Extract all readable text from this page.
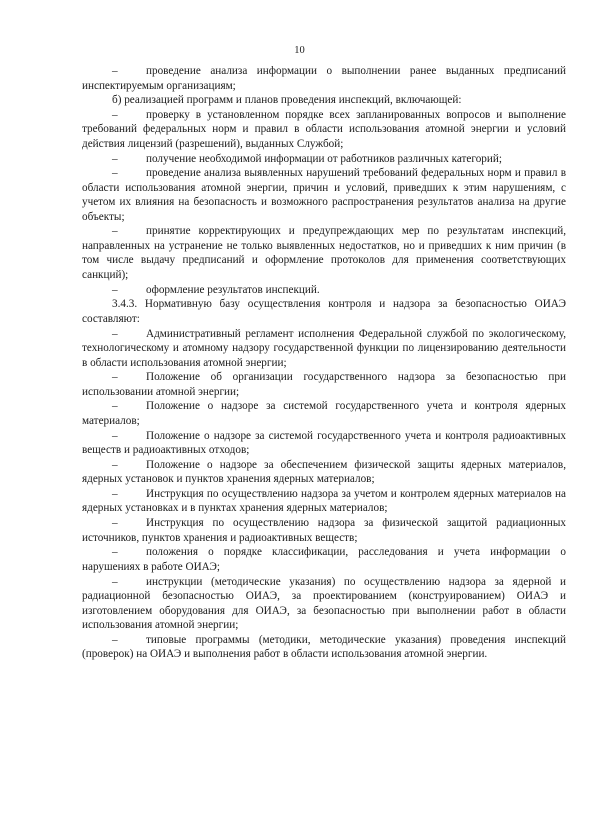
10

–	проведение анализа информации о выполнении ранее выданных предписаний инспектируемым организациям;

б) реализацией программ и планов проведения инспекций, включающей:

–	проверку в установленном порядке всех запланированных вопросов и выполнение требований федеральных норм и правил в области использования атомной энергии и условий действия лицензий (разрешений), выданных Службой;

–	получение необходимой информации от работников различных категорий;

–	проведение анализа выявленных нарушений требований федеральных норм и правил в области использования атомной энергии, причин и условий, приведших к этим нарушениям, с учетом их влияния на безопасность и возможного распространения результатов анализа на другие объекты;

–	принятие корректирующих и предупреждающих мер по результатам инспекций, направленных на устранение не только выявленных недостатков, но и приведших к ним причин (в том числе выдачу предписаний и оформление протоколов для применения соответствующих санкций);

–	оформление результатов инспекций.

3.4.3. Нормативную базу осуществления контроля и надзора за безопасностью ОИАЭ составляют:

–	Административный регламент исполнения Федеральной службой по экологическому, технологическому и атомному надзору государственной функции по лицензированию деятельности в области использования атомной энергии;

–	Положение об организации государственного надзора за безопасностью при использовании атомной энергии;

–	Положение о надзоре за системой государственного учета и контроля ядерных материалов;

–	Положение о надзоре за системой государственного учета и контроля радиоактивных веществ и радиоактивных отходов;

–	Положение о надзоре за обеспечением физической защиты ядерных материалов, ядерных установок и пунктов хранения ядерных материалов;

–	Инструкция по осуществлению надзора за учетом и контролем ядерных материалов на ядерных установках и в пунктах хранения ядерных материалов;

–	Инструкция по осуществлению надзора за физической защитой радиационных источников, пунктов хранения и радиоактивных веществ;

–	положения о порядке классификации, расследования и учета информации о нарушениях в работе ОИАЭ;

–	инструкции (методические указания) по осуществлению надзора за ядерной и радиационной безопасностью ОИАЭ, за проектированием (конструированием) ОИАЭ и изготовлением оборудования для ОИАЭ, за безопасностью при выполнении работ в области использования атомной энергии;

–	типовые программы (методики, методические указания) проведения инспекций (проверок) на ОИАЭ и выполнения работ в области использования атомной энергии.
